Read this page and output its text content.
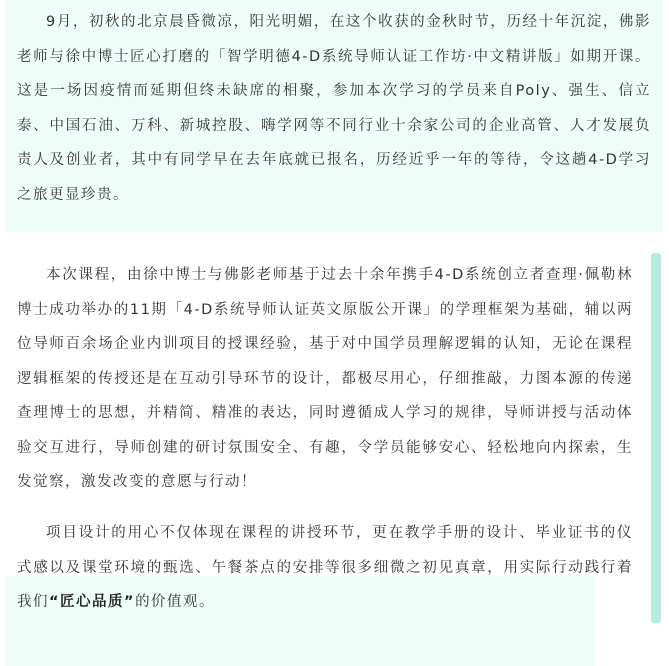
9月，初秋的北京晨昏微凉，阳光明媚，在这个收获的金秋时节，历经十年沉淀，佛影老师与徐中博士匠心打磨的「智学明德4-D系统导师认证工作坊·中文精讲版」如期开课。这是一场因疫情而延期但终未缺席的相聚，参加本次学习的学员来自Poly、强生、信立泰、中国石油、万科、新城控股、嗨学网等不同行业十余家公司的企业高管、人才发展负责人及创业者，其中有同学早在去年底就已报名，历经近乎一年的等待，令这趟4-D学习之旅更显珍贵。

本次课程，由徐中博士与佛影老师基于过去十余年携手4-D系统创立者查理·佩勒林博士成功举办的11期「4-D系统导师认证英文原版公开课」的学理框架为基础，辅以两位导师百余场企业内训项目的授课经验，基于对中国学员理解逻辑的认知，无论在课程逻辑框架的传授还是在互动引导环节的设计，都极尽用心，仔细推敲，力图本源的传递查理博士的思想，并精简、精准的表达，同时遵循成人学习的规律，导师讲授与活动体验交互进行，导师创建的研讨氛围安全、有趣，令学员能够安心、轻松地向内探索，生发觉察，激发改变的意愿与行动！

项目设计的用心不仅体现在课程的讲授环节，更在教学手册的设计、毕业证书的仪式感以及课堂环境的甄选、午餐茶点的安排等很多细微之初见真章，用实际行动践行着我们“匠心品质”的价值观。
